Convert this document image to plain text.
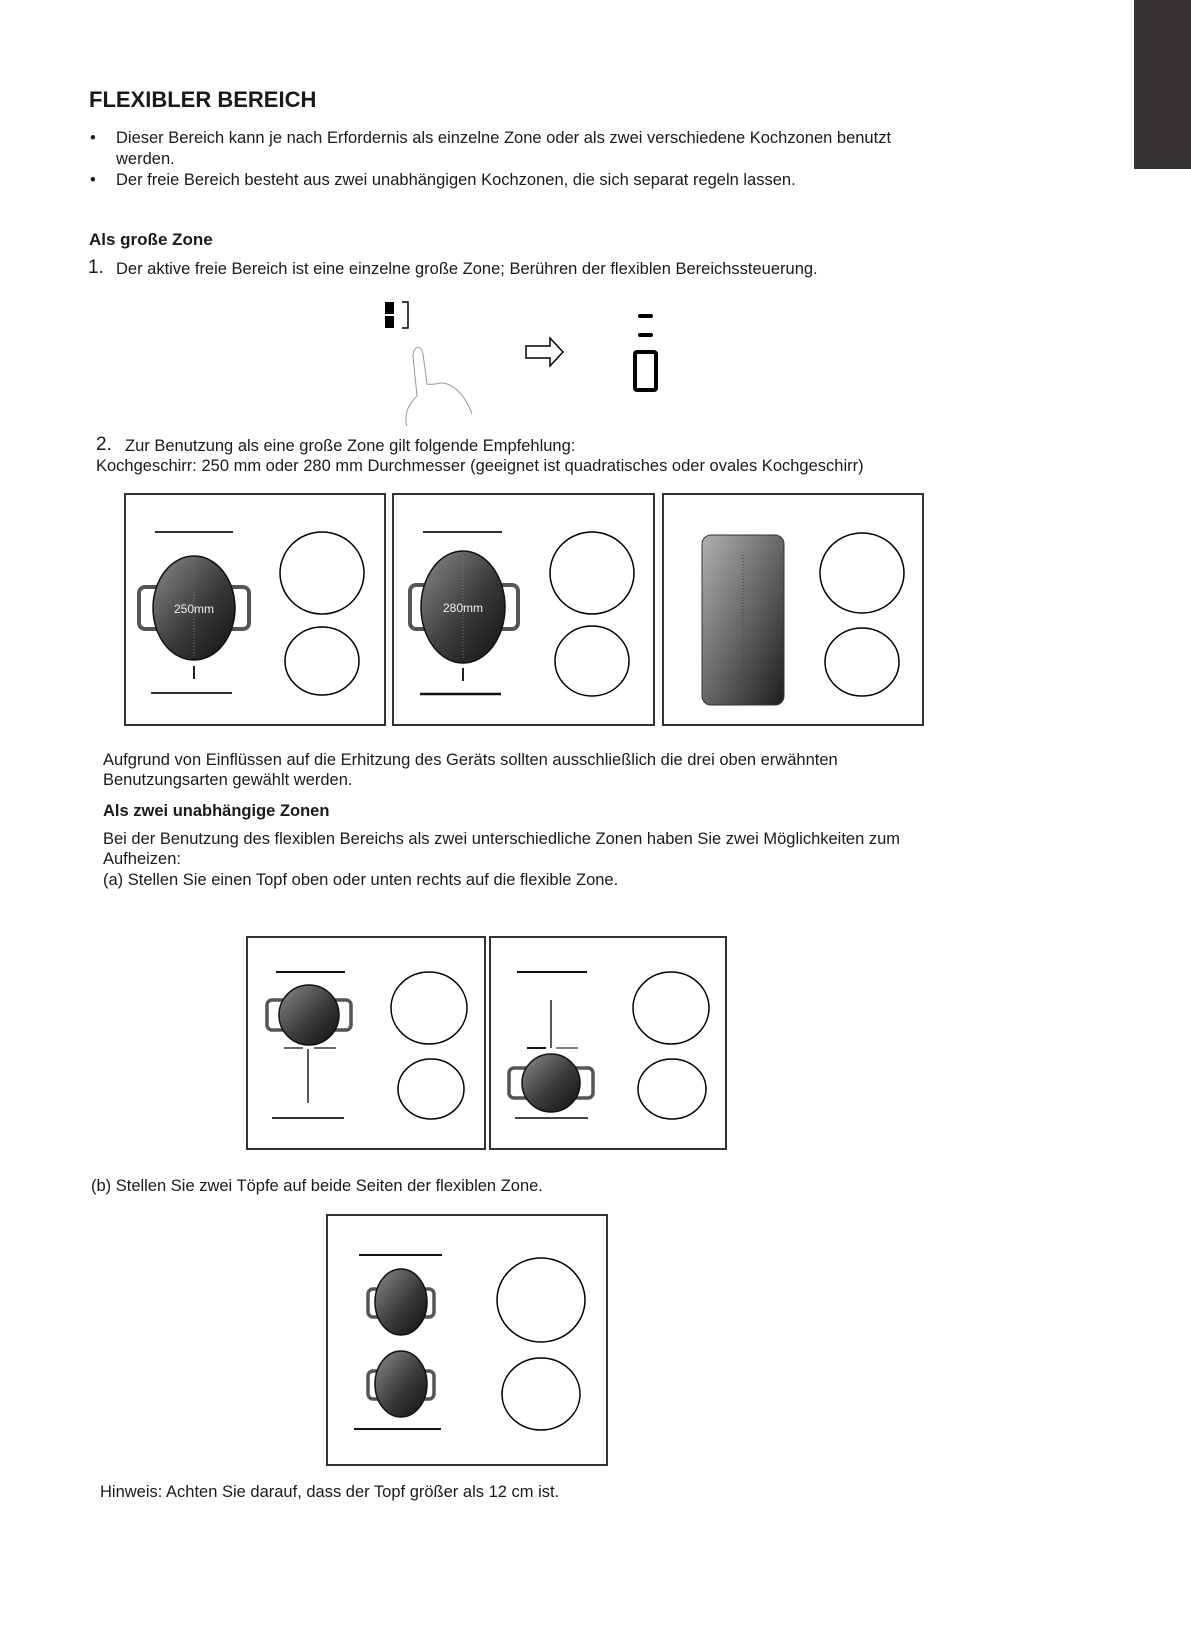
FLEXIBLER BEREICH
• Dieser Bereich kann je nach Erfordernis als einzelne Zone oder als zwei verschiedene Kochzonen benutzt
werden.
• Der freie Bereich besteht aus zwei unabhängigen Kochzonen, die sich separat regeln lassen.
Als große Zone
1. Der aktive freie Bereich ist eine einzelne große Zone; Berühren der flexiblen Bereichssteuerung.
2. Zur Benutzung als eine große Zone gilt folgende Empfehlung:
Kochgeschirr: 250 mm oder 280 mm Durchmesser (geeignet ist quadratisches oder ovales Kochgeschirr)
250mm	280mm
Aufgrund von Einflüssen auf die Erhitzung des Geräts sollten ausschließlich die drei oben erwähnten
Benutzungsarten gewählt werden.
Als zwei unabhängige Zonen
Bei der Benutzung des flexiblen Bereichs als zwei unterschiedliche Zonen haben Sie zwei Möglichkeiten zum
Aufheizen:
(a) Stellen Sie einen Topf oben oder unten rechts auf die flexible Zone.
(b) Stellen Sie zwei Töpfe auf beide Seiten der flexiblen Zone.
Hinweis: Achten Sie darauf, dass der Topf größer als 12 cm ist.
